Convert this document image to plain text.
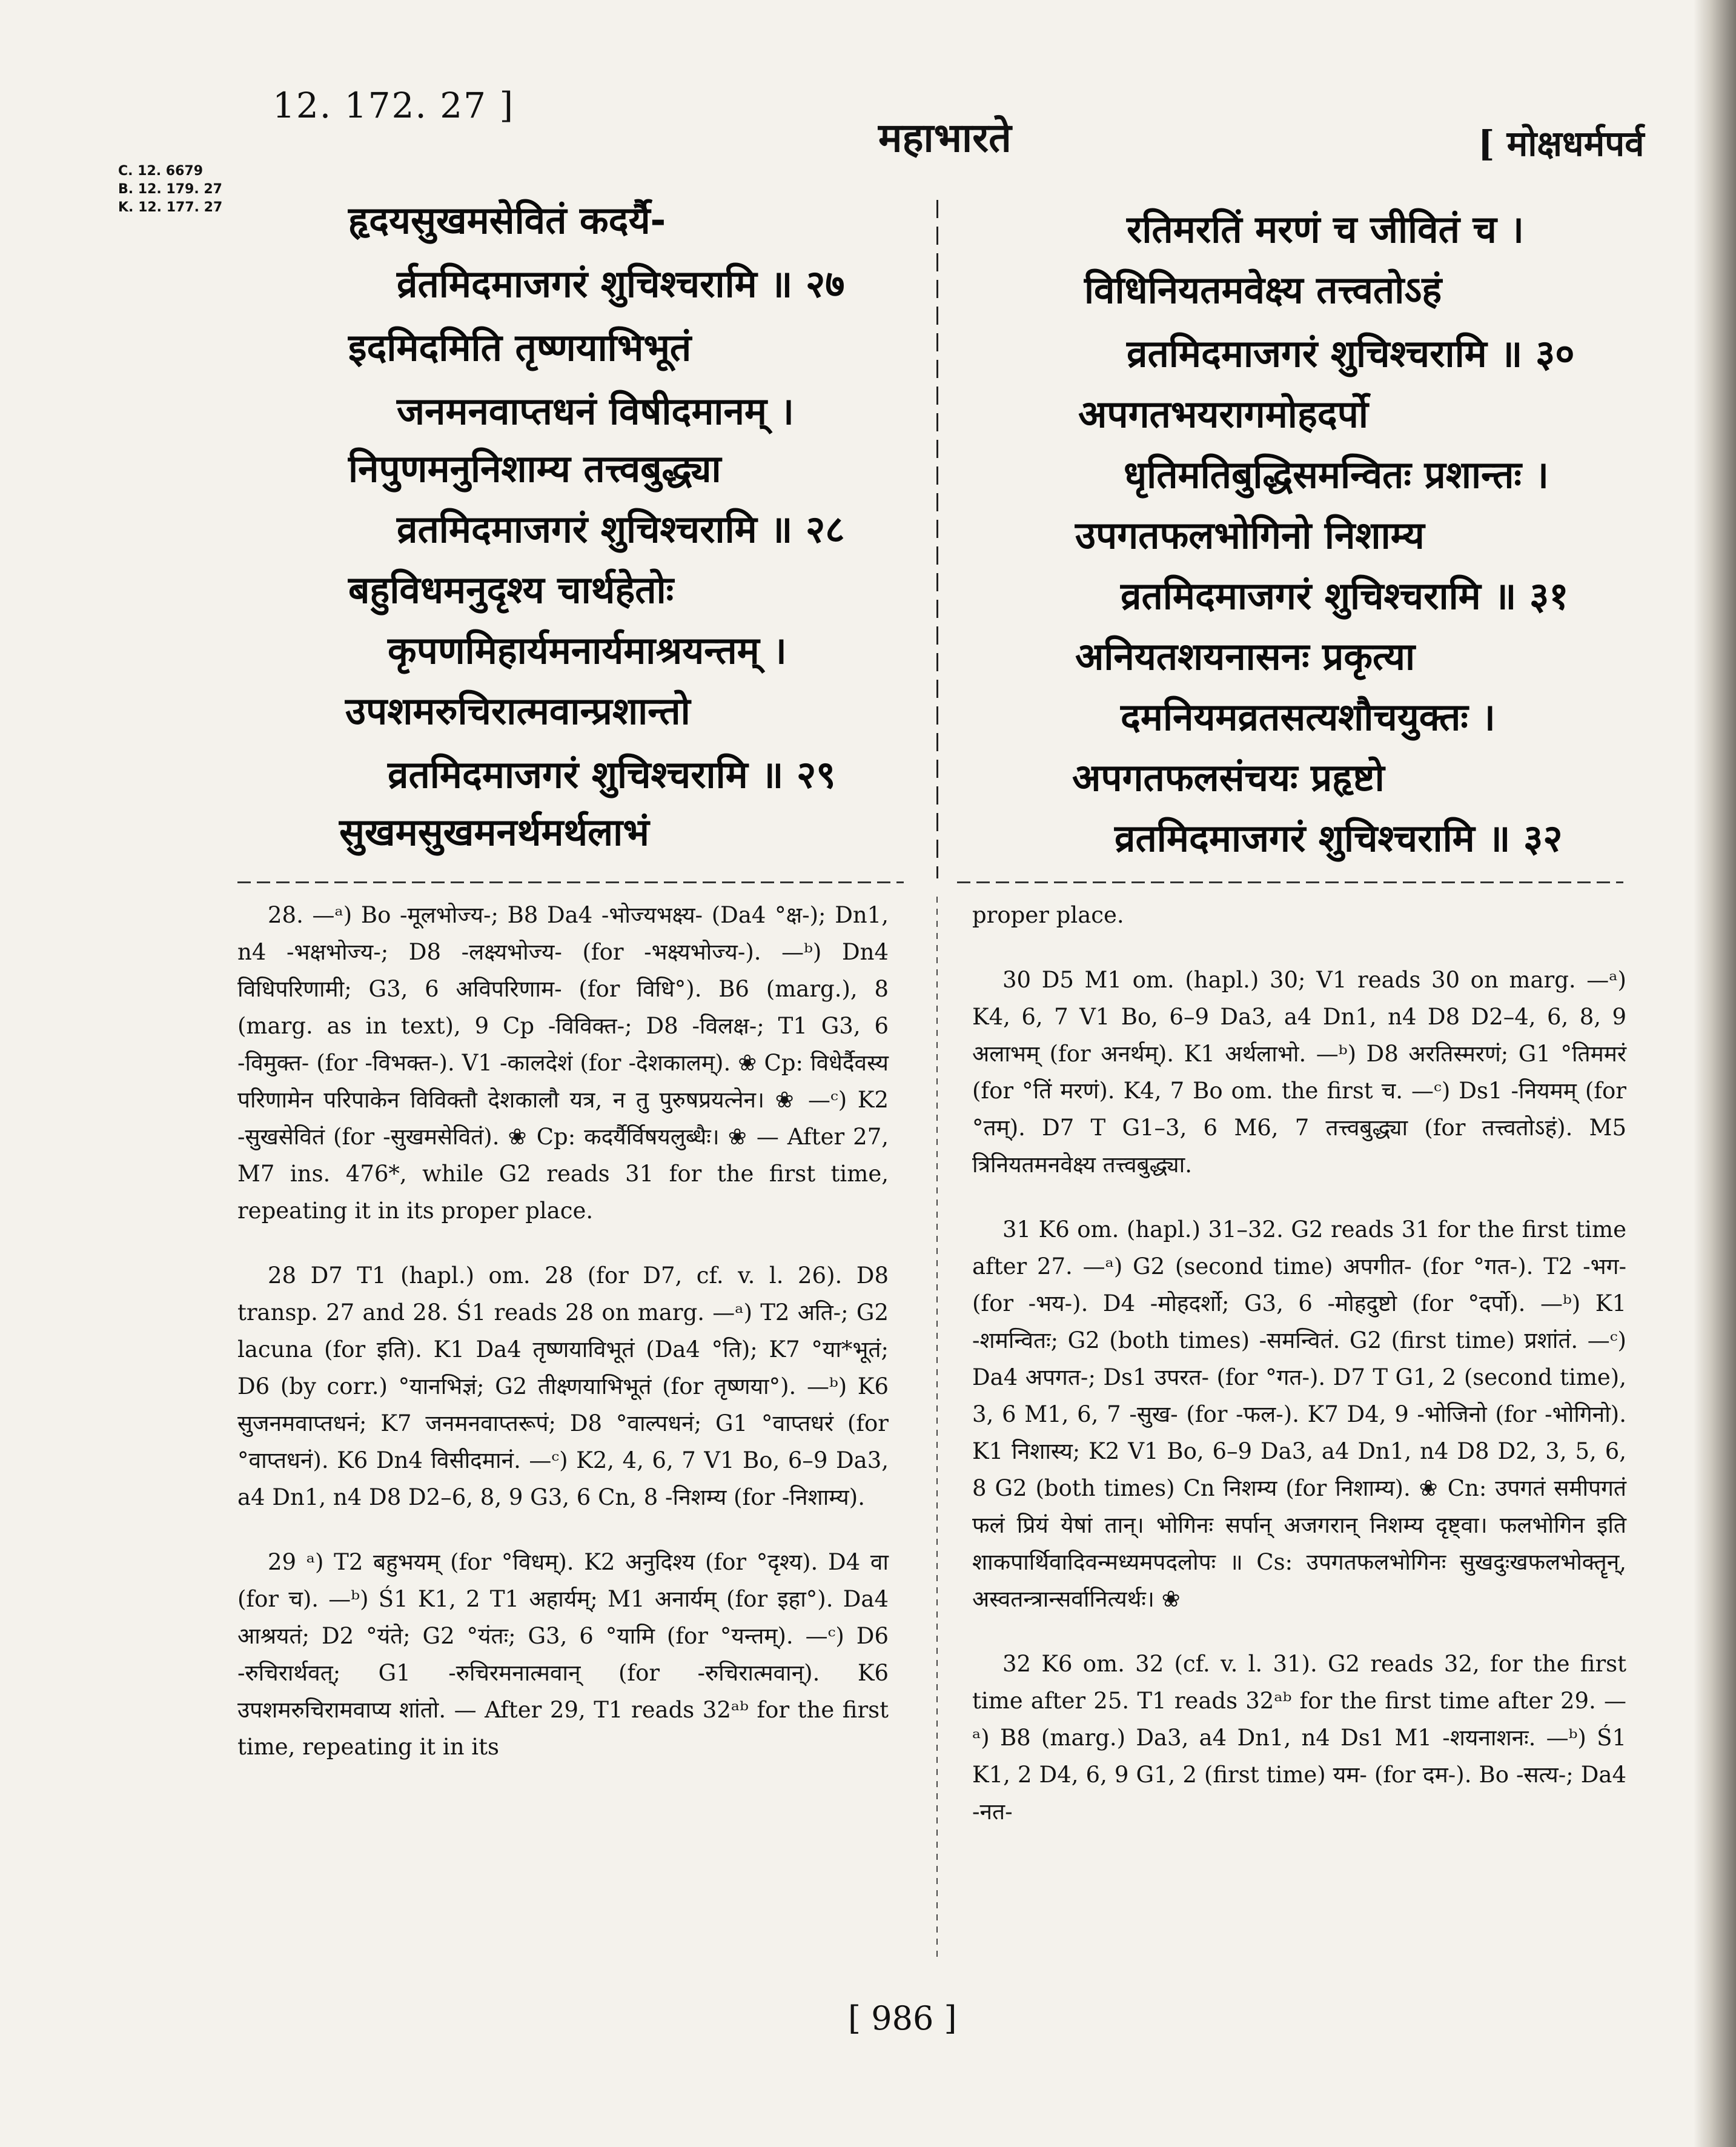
12. 172. 27 ]
महाभारते	[ मोक्षधर्मपर्व
C. 12. 6679
B. 12. 179. 27
K. 12. 177. 27	हृदयसुखमसेवितं कदर्यै-
र्व्रतमिदमाजगरं शुचिश्चरामि ॥ २७
इदमिदमिति तृष्णयाभिभूतं
जनमनवाप्तधनं विषीदमानम् ।
निपुणमनुनिशाम्य तत्त्वबुद्ध्या
व्रतमिदमाजगरं शुचिश्चरामि ॥ २८
बहुविधमनुदृश्य चार्थहेतोः
कृपणमिहार्यमनार्यमाश्रयन्तम् ।
उपशमरुचिरात्मवान्प्रशान्तो
व्रतमिदमाजगरं शुचिश्चरामि ॥ २९
सुखमसुखमनर्थमर्थलाभं
रतिमरतिं मरणं च जीवितं च ।
विधिनियतमवेक्ष्य तत्त्वतोऽहं
व्रतमिदमाजगरं शुचिश्चरामि ॥ ३०
अपगतभयरागमोहदर्पो
धृतिमतिबुद्धिसमन्वितः प्रशान्तः ।
उपगतफलभोगिनो निशाम्य
व्रतमिदमाजगरं शुचिश्चरामि ॥ ३१
अनियतशयनासनः प्रकृत्या
दमनियमव्रतसत्यशौचयुक्तः ।
अपगतफलसंचयः प्रहृष्टो
व्रतमिदमाजगरं शुचिश्चरामि ॥ ३२

28. —ᵃ) Bo -मूलभोज्य-; B8 Da4 -भोज्यभक्ष्य- (Da4 °क्ष-); Dn1, n4 -भक्षभोज्य-; D8 -लक्ष्यभोज्य- (for -भक्ष्यभोज्य-). —ᵇ) Dn4 विधिपरिणामी; G3, 6 अविपरिणाम- (for विधि°). B6 (marg.), 8 (marg. as in text), 9 Cp -विविक्त-; D8 -विलक्ष-; T1 G3, 6 -विमुक्त- (for -विभक्त-). V1 -कालदेशं (for -देशकालम्). ❀ Cp: विधेर्दैवस्य परिणामेन परिपाकेन विविक्तौ देशकालौ यत्र, न तु पुरुषप्रयत्नेन। ❀ —ᶜ) K2 -सुखसेवितं (for -सुखमसेवितं). ❀ Cp: कदर्यैर्विषयलुब्धैः। ❀ — After 27, M7 ins. 476*, while G2 reads 31 for the first time, repeating it in its proper place.

28 D7 T1 (hapl.) om. 28 (for D7, cf. v. l. 26). D8 transp. 27 and 28. Ś1 reads 28 on marg. —ᵃ) T2 अति-; G2 lacuna (for इति). K1 Da4 तृष्णयाविभूतं (Da4 °ति); K7 °या*भूतं; D6 (by corr.) °यानभिज्ञं; G2 तीक्ष्णयाभिभूतं (for तृष्णया°). —ᵇ) K6 सुजनमवाप्तधनं; K7 जनमनवाप्तरूपं; D8 °वाल्पधनं; G1 °वाप्तधरं (for °वाप्तधनं). K6 Dn4 विसीदमानं. —ᶜ) K2, 4, 6, 7 V1 Bo, 6–9 Da3, a4 Dn1, n4 D8 D2–6, 8, 9 G3, 6 Cn, 8 -निशम्य (for -निशाम्य).

29 ᵃ) T2 बहुभयम् (for °विधम्). K2 अनुदिश्य (for °दृश्य). D4 वा (for च). —ᵇ) Ś1 K1, 2 T1 अहार्यम्; M1 अनार्यम् (for इहा°). Da4 आश्रयतं; D2 °यंते; G2 °यंतः; G3, 6 °यामि (for °यन्तम्). —ᶜ) D6 -रुचिरार्थवत्; G1 -रुचिरमनात्मवान् (for -रुचिरात्मवान्). K6 उपशमरुचिरामवाप्य शांतो. — After 29, T1 reads 32ᵃᵇ for the first time, repeating it in its

proper place.

30 D5 M1 om. (hapl.) 30; V1 reads 30 on marg. —ᵃ) K4, 6, 7 V1 Bo, 6–9 Da3, a4 Dn1, n4 D8 D2–4, 6, 8, 9 अलाभम् (for अनर्थम्). K1 अर्थलाभो. —ᵇ) D8 अरतिस्मरणं; G1 °तिममरं (for °तिं मरणं). K4, 7 Bo om. the first च. —ᶜ) Ds1 -नियमम् (for °तम्). D7 T G1–3, 6 M6, 7 तत्त्वबुद्ध्या (for तत्त्वतोऽहं). M5 त्रिनियतमनवेक्ष्य तत्त्वबुद्ध्या.

31 K6 om. (hapl.) 31–32. G2 reads 31 for the first time after 27. —ᵃ) G2 (second time) अपगीत- (for °गत-). T2 -भग- (for -भय-). D4 -मोहदर्शो; G3, 6 -मोहदुष्टो (for °दर्पो). —ᵇ) K1 -शमन्वितः; G2 (both times) -समन्वितं. G2 (first time) प्रशांतं. —ᶜ) Da4 अपगत-; Ds1 उपरत- (for °गत-). D7 T G1, 2 (second time), 3, 6 M1, 6, 7 -सुख- (for -फल-). K7 D4, 9 -भोजिनो (for -भोगिनो). K1 निशास्य; K2 V1 Bo, 6–9 Da3, a4 Dn1, n4 D8 D2, 3, 5, 6, 8 G2 (both times) Cn निशम्य (for निशाम्य). ❀ Cn: उपगतं समीपगतं फलं प्रियं येषां तान्। भोगिनः सर्पान् अजगरान् निशम्य दृष्ट्वा। फलभोगिन इति शाकपार्थिवादिवन्मध्यमपदलोपः ॥ Cs: उपगतफलभोगिनः सुखदुःखफलभोक्तॄन्, अस्वतन्त्रान्सर्वानित्यर्थः। ❀

32 K6 om. 32 (cf. v. l. 31). G2 reads 32, for the first time after 25. T1 reads 32ᵃᵇ for the first time after 29. —ᵃ) B8 (marg.) Da3, a4 Dn1, n4 Ds1 M1 -शयनाशनः. —ᵇ) Ś1 K1, 2 D4, 6, 9 G1, 2 (first time) यम- (for दम-). Bo -सत्य-; Da4 -नत-

[ 986 ]
